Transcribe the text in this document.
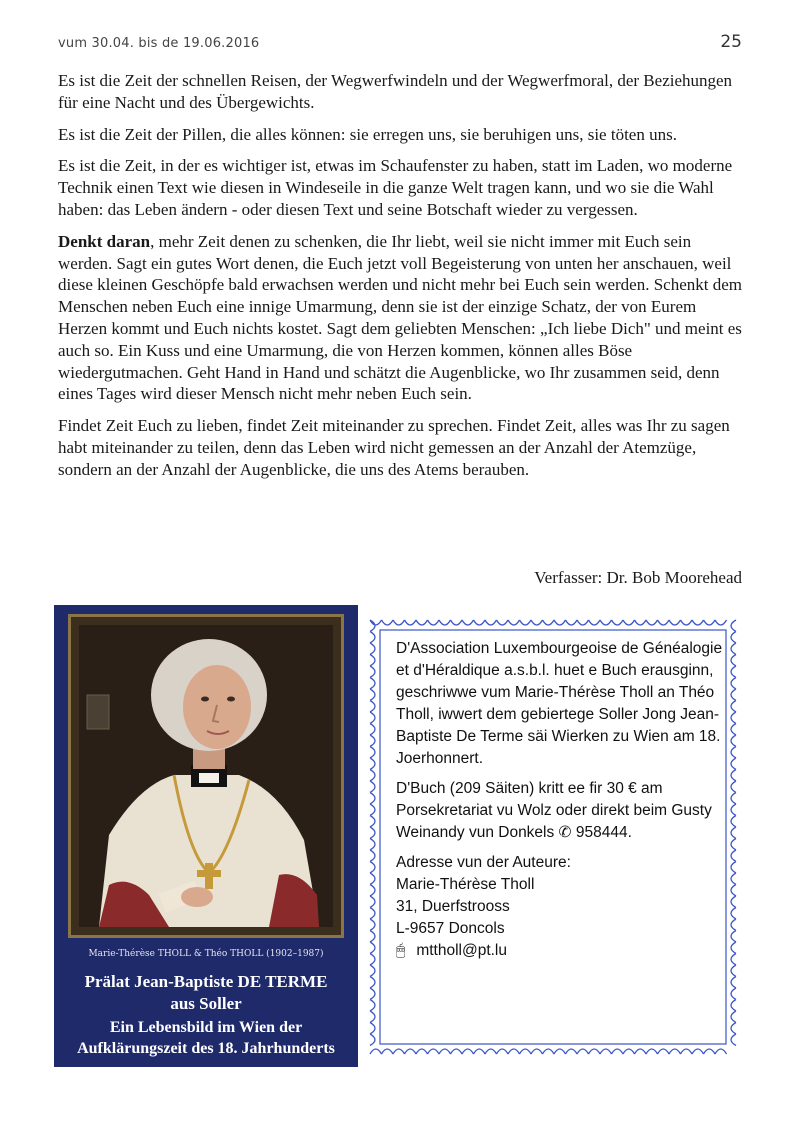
vum 30.04. bis de 19.06.2016	25

Es ist die Zeit der schnellen Reisen, der Wegwerfwindeln und der Wegwerfmoral, der Beziehungen für eine Nacht und des Übergewichts.

Es ist die Zeit der Pillen, die alles können: sie erregen uns, sie beruhigen uns, sie töten uns.

Es ist die Zeit, in der es wichtiger ist, etwas im Schaufenster zu haben, statt im Laden, wo moderne Technik einen Text wie diesen in Windeseile in die ganze Welt tragen kann, und wo sie die Wahl haben: das Leben ändern - oder diesen Text und seine Botschaft wieder zu vergessen.

Denkt daran, mehr Zeit denen zu schenken, die Ihr liebt, weil sie nicht immer mit Euch sein werden. Sagt ein gutes Wort denen, die Euch jetzt voll Begeisterung von unten her anschauen, weil diese kleinen Geschöpfe bald erwachsen werden und nicht mehr bei Euch sein werden. Schenkt dem Menschen neben Euch eine innige Umarmung, denn sie ist der einzige Schatz, der von Eurem Herzen kommt und Euch nichts kostet. Sagt dem geliebten Menschen: „Ich liebe Dich" und meint es auch so. Ein Kuss und eine Umarmung, die von Herzen kommen, können alles Böse wiedergutmachen. Geht Hand in Hand und schätzt die Augenblicke, wo Ihr zusammen seid, denn eines Tages wird dieser Mensch nicht mehr neben Euch sein.

Findet Zeit Euch zu lieben, findet Zeit miteinander zu sprechen. Findet Zeit, alles was Ihr zu sagen habt miteinander zu teilen, denn das Leben wird nicht gemessen an der Anzahl der Atemzüge, sondern an der Anzahl der Augenblicke, die uns des Atems berauben.

Verfasser: Dr. Bob Moorehead
Marie-Thérèse THOLL & Théo THOLL (1902–1987)
Prälat Jean-Baptiste DE TERME
aus Soller
Ein Lebensbild im Wien der
Aufklärungszeit des 18. Jahrhunderts

D'Association Luxembourgeoise de Généalogie et d'Héraldique a.s.b.l. huet e Buch erausginn, geschriwwe vum Marie-Thérèse Tholl an Théo Tholl, iwwert dem gebiertege Soller Jong Jean-Baptiste De Terme säi Wierken zu Wien am 18. Joerhonnert.

D'Buch (209 Säiten) kritt ee fir 30 € am Porsekretariat vu Wolz oder direkt beim Gusty Weinandy vun Donkels ✆ 958444.

Adresse vun der Auteure:
Marie-Thérèse Tholl
31, Duerfstrooss
L-9657 Doncols
🖱︎ mttholl@pt.lu
